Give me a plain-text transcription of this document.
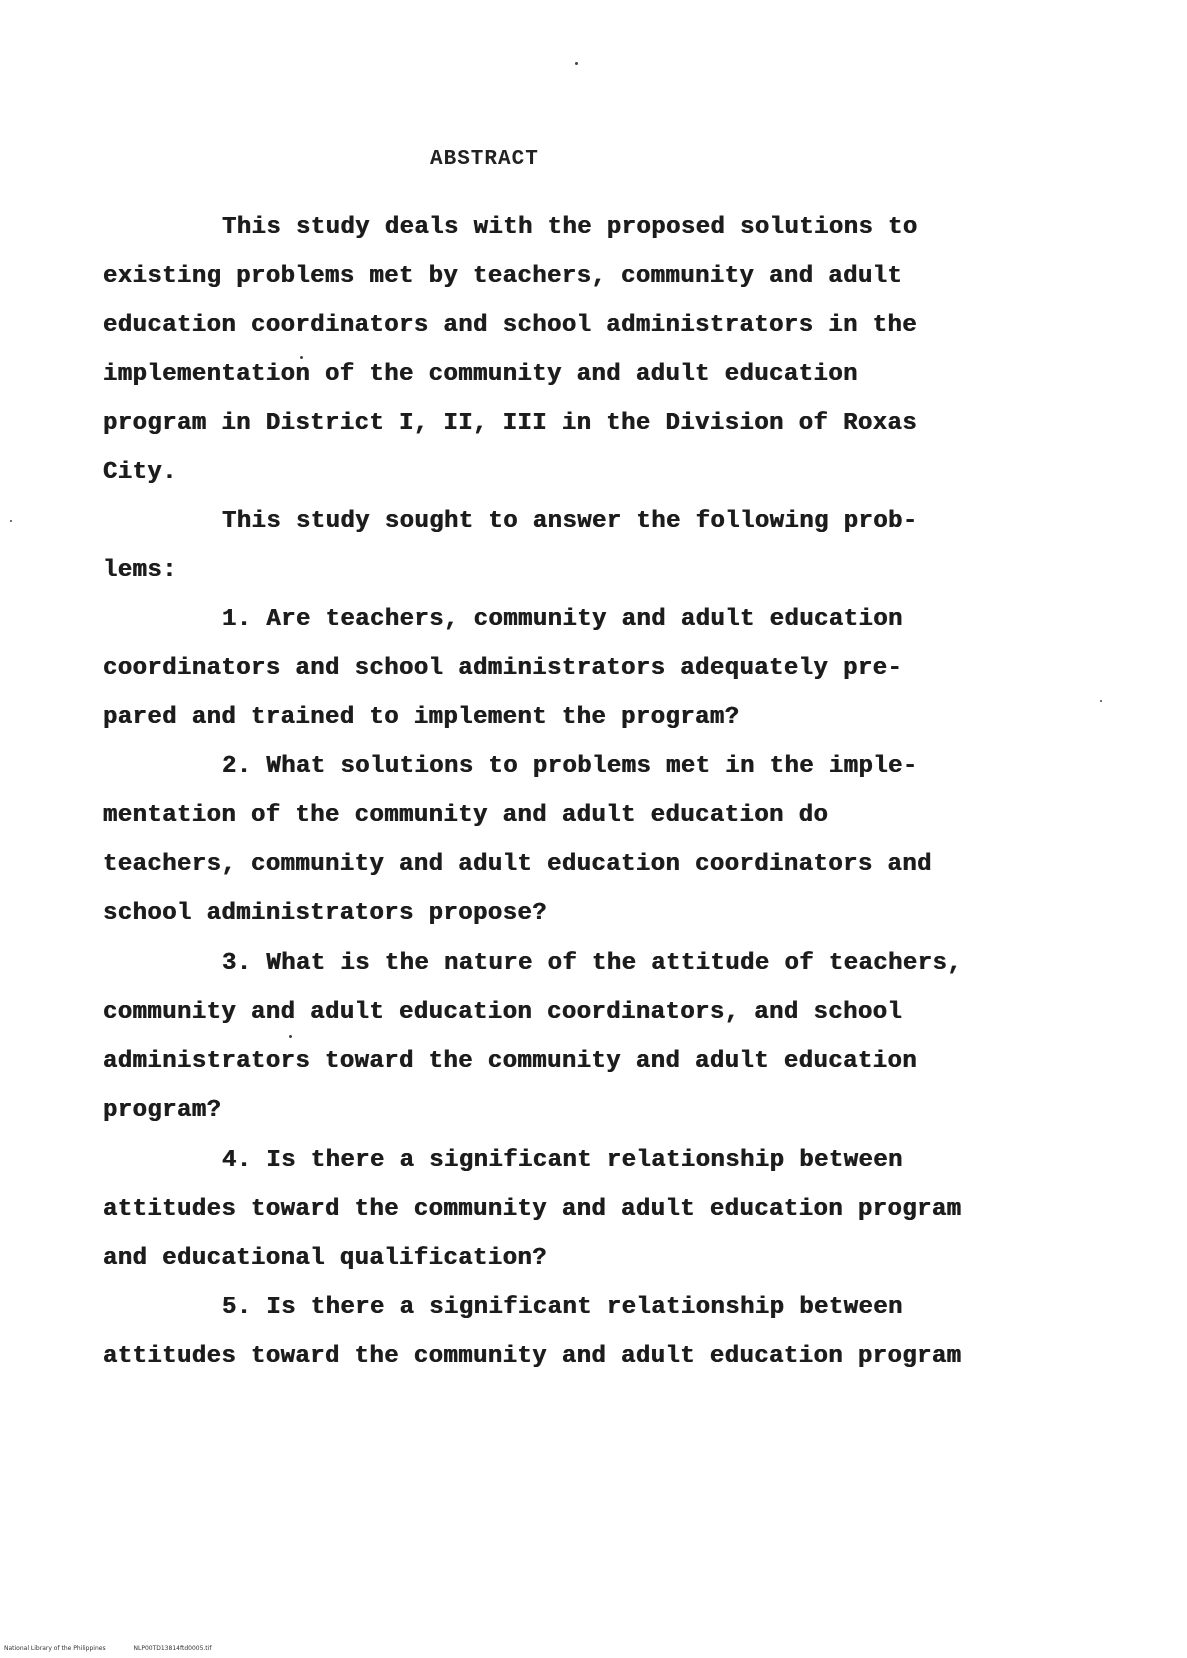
ABSTRACT
This study deals with the proposed solutions to
existing problems met by teachers, community and adult
education coordinators and school administrators in the
implementation of the community and adult education
program in District I, II, III in the Division of Roxas
City.
This study sought to answer the following prob-
lems:
1. Are teachers, community and adult education
coordinators and school administrators adequately pre-
pared and trained to implement the program?
2. What solutions to problems met in the imple-
mentation of the community and adult education do
teachers, community and adult education coordinators and
school administrators propose?
3. What is the nature of the attitude of teachers,
community and adult education coordinators, and school
administrators toward the community and adult education
program?
4. Is there a significant relationship between
attitudes toward the community and adult education program
and educational qualification?
5. Is there a significant relationship between
attitudes toward the community and adult education program
National Library of the Philippines	NLP00TD13814ftd0005.tif
